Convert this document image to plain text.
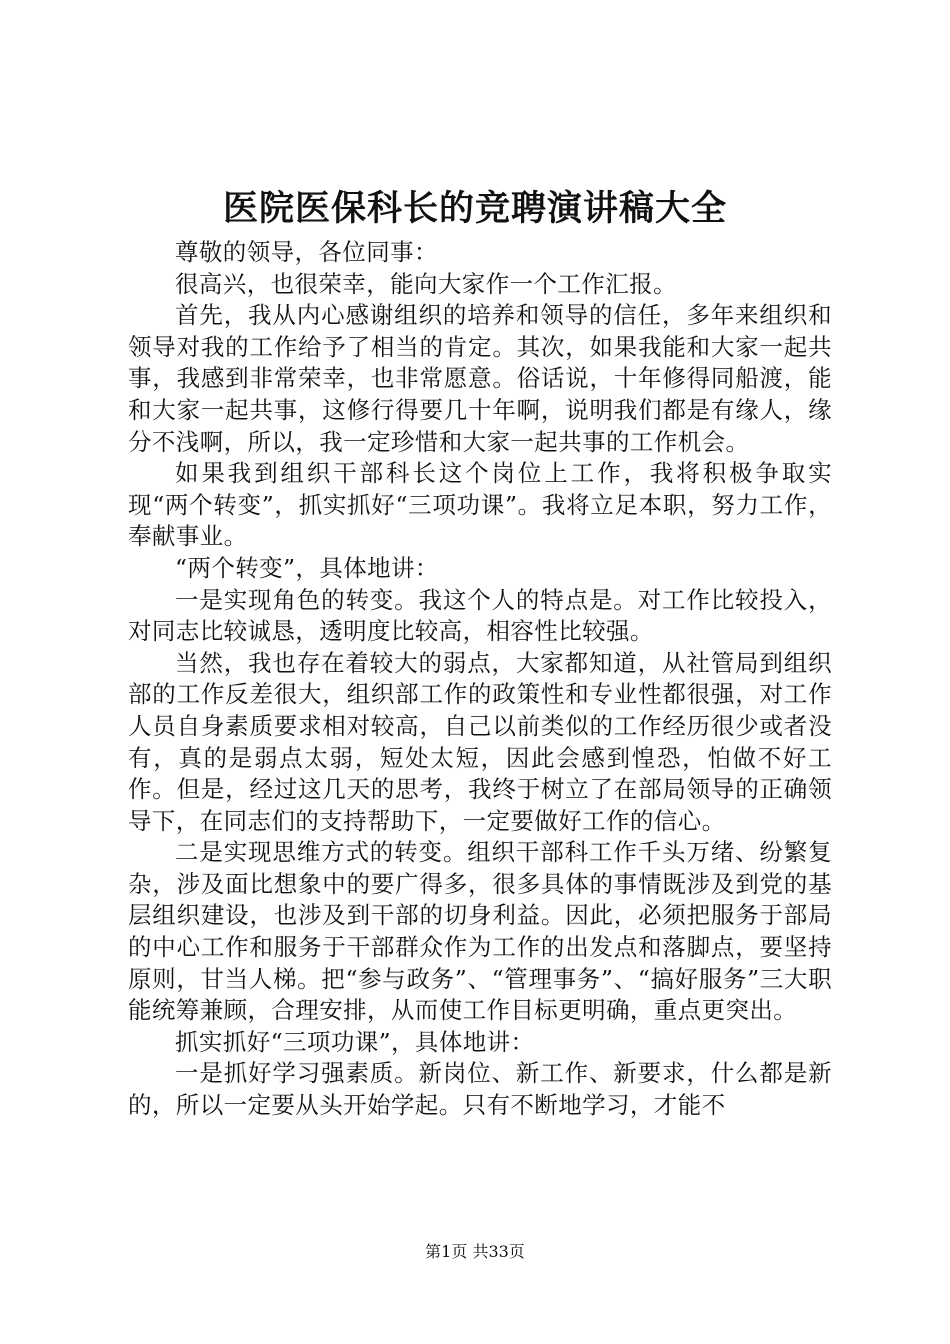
医院医保科长的竞聘演讲稿大全

尊敬的领导，各位同事：

很高兴，也很荣幸，能向大家作一个工作汇报。

首先，我从内心感谢组织的培养和领导的信任，多年来组织和领导对我的工作给予了相当的肯定。其次，如果我能和大家一起共事，我感到非常荣幸，也非常愿意。俗话说，十年修得同船渡，能和大家一起共事，这修行得要几十年啊，说明我们都是有缘人，缘分不浅啊，所以，我一定珍惜和大家一起共事的工作机会。

如果我到组织干部科长这个岗位上工作，我将积极争取实现“两个转变”，抓实抓好“三项功课”。我将立足本职，努力工作，奉献事业。

“两个转变”，具体地讲：

一是实现角色的转变。我这个人的特点是。对工作比较投入，对同志比较诚恳，透明度比较高，相容性比较强。

当然，我也存在着较大的弱点，大家都知道，从社管局到组织部的工作反差很大，组织部工作的政策性和专业性都很强，对工作人员自身素质要求相对较高，自己以前类似的工作经历很少或者没有，真的是弱点太弱，短处太短，因此会感到惶恐，怕做不好工作。但是，经过这几天的思考，我终于树立了在部局领导的正确领导下，在同志们的支持帮助下，一定要做好工作的信心。

二是实现思维方式的转变。组织干部科工作千头万绪、纷繁复杂，涉及面比想象中的要广得多，很多具体的事情既涉及到党的基层组织建设，也涉及到干部的切身利益。因此，必须把服务于部局的中心工作和服务于干部群众作为工作的出发点和落脚点，要坚持原则，甘当人梯。把“参与政务”、“管理事务”、“搞好服务”三大职能统筹兼顾，合理安排，从而使工作目标更明确，重点更突出。

抓实抓好“三项功课”，具体地讲：

一是抓好学习强素质。新岗位、新工作、新要求，什么都是新的，所以一定要从头开始学起。只有不断地学习，才能不

第1页 共33页
